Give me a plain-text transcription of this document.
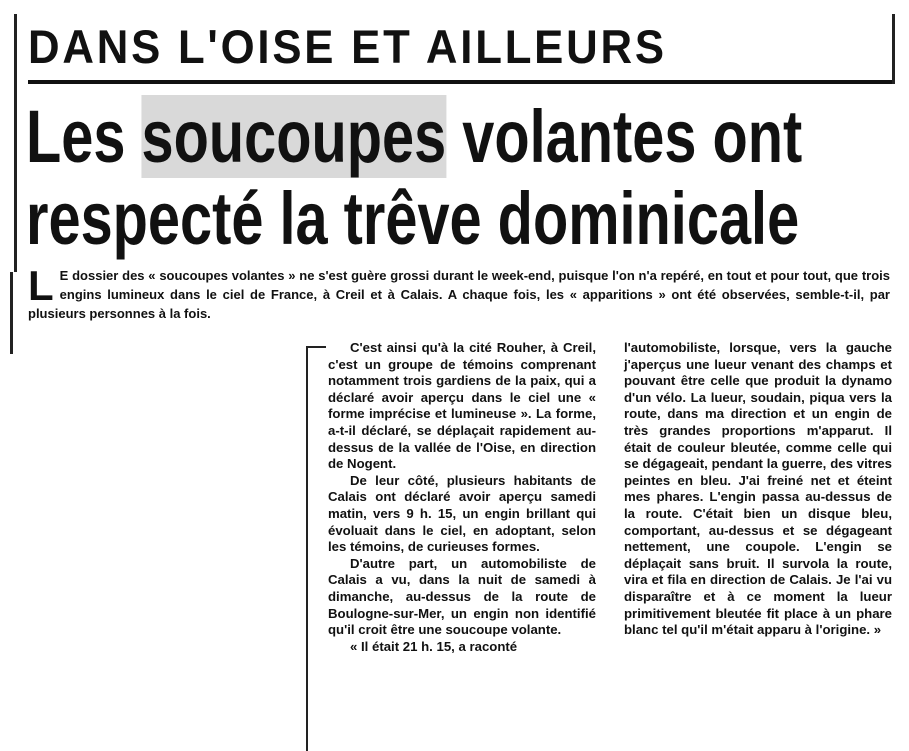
DANS L'OISE ET AILLEURS
Les soucoupes volantes ont
respecté la trêve dominicale
L E dossier des « soucoupes volantes » ne s'est guère grossi durant le week-end, puisque l'on n'a repéré, en tout et pour tout, que trois engins lumineux dans le ciel de France, à Creil et à Calais. A chaque fois, les « apparitions » ont été observées, semble-t-il, par plusieurs personnes à la fois.

C'est ainsi qu'à la cité Rouher, à Creil, c'est un groupe de témoins comprenant notamment trois gardiens de la paix, qui a déclaré avoir aperçu dans le ciel une « forme imprécise et lumineuse ». La forme, a-t-il déclaré, se déplaçait rapidement au-dessus de la vallée de l'Oise, en direction de Nogent.

De leur côté, plusieurs habitants de Calais ont déclaré avoir aperçu samedi matin, vers 9 h. 15, un engin brillant qui évoluait dans le ciel, en adoptant, selon les témoins, de curieuses formes.

D'autre part, un automobiliste de Calais a vu, dans la nuit de samedi à dimanche, au-dessus de la route de Boulogne-sur-Mer, un engin non identifié qu'il croit être une soucoupe volante.

« Il était 21 h. 15, a raconté

l'automobiliste, lorsque, vers la gauche j'aperçus une lueur venant des champs et pouvant être celle que produit la dynamo d'un vélo. La lueur, soudain, piqua vers la route, dans ma direction et un engin de très grandes proportions m'apparut. Il était de couleur bleutée, comme celle qui se dégageait, pendant la guerre, des vitres peintes en bleu. J'ai freiné net et éteint mes phares. L'engin passa au-dessus de la route. C'était bien un disque bleu, comportant, au-dessus et se dégageant nettement, une coupole. L'engin se déplaçait sans bruit. Il survola la route, vira et fila en direction de Calais. Je l'ai vu disparaître et à ce moment la lueur primitivement bleutée fit place à un phare blanc tel qu'il m'était apparu à l'origine. »
